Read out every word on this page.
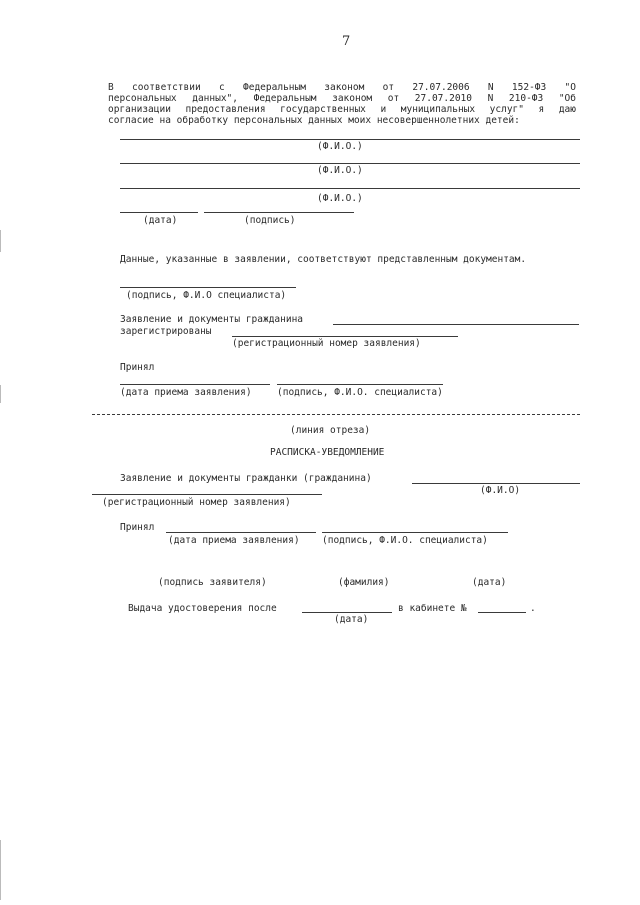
7
В соответствии с Федеральным законом от 27.07.2006 N 152-ФЗ "О
персональных данных", Федеральным законом от 27.07.2010 N 210-ФЗ "Об
организации предоставления государственных и муниципальных услуг" я даю
согласие на обработку персональных данных моих несовершеннолетних детей:
(Ф.И.О.)
(Ф.И.О.)
(Ф.И.О.)
(дата)	(подпись)
Данные, указанные в заявлении, соответствуют представленным документам.
(подпись, Ф.И.О специалиста)
Заявление и документы гражданина
зарегистрированы
(регистрационный номер заявления)
Принял
(дата приема заявления)	(подпись, Ф.И.О. специалиста)
(линия отреза)
РАСПИСКА-УВЕДОМЛЕНИЕ
Заявление и документы гражданки (гражданина)
(Ф.И.О)
(регистрационный номер заявления)
Принял
(дата приема заявления) (подпись, Ф.И.О. специалиста)
(подпись заявителя)	(фамилия)	(дата)
Выдача удостоверения после	в кабинете №	.
(дата)
